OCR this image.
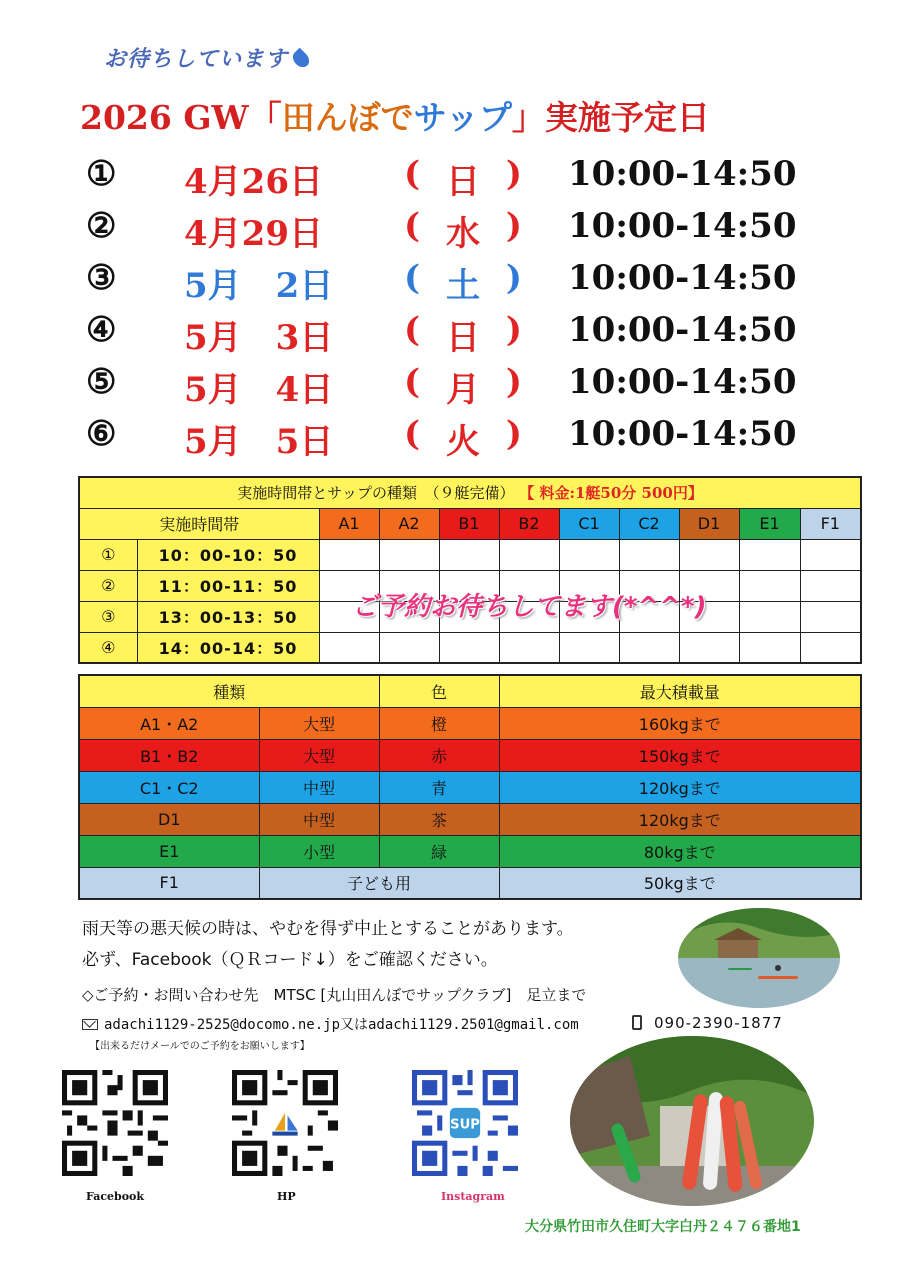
お待ちしています
2026 GW「田んぼでサップ」実施予定日
① 4月26日 ( 日 ) 10:00-14:50
② 4月29日 ( 水 ) 10:00-14:50
③ 5月　2日 ( 土 ) 10:00-14:50
④ 5月　3日 ( 日 ) 10:00-14:50
⑤ 5月　4日 ( 月 ) 10:00-14:50
⑥ 5月　5日 ( 火 ) 10:00-14:50
実施時間帯とサップの種類　（９艇完備） 【 料金:1艇50分 500円】										
実施時間帯		A1	A2	B1	B2	C1	C2	D1	E1	F1
①	10：00-10：50									
②	11：00-11：50									
③	13：00-13：50									
④	14：00-14：50									
ご予約お待ちしてます(*^^*)
種類		色	最大積載量
A1・A2	大型	橙	160kgまで
B1・B2	大型	赤	150kgまで
C1・C2	中型	青	120kgまで
D1	中型	茶	120kgまで
E1	小型	緑	80kgまで
F1	子ども用		50kgまで
雨天等の悪天候の時は、やむを得ず中止とすることがあります。
必ず、Facebook（ＱＲコード↓）をご確認ください。
◇ご予約・お問い合わせ先　MTSC [丸山田んぼでサップクラブ]　足立まで
adachi1129-2525@docomo.ne.jp又はadachi1129.2501@gmail.com	090-2390-1877
【出来るだけメールでのご予約をお願いします】
Facebook	HP
SUP
Instagram
大分県竹田市久住町大字白丹２４７６番地1
